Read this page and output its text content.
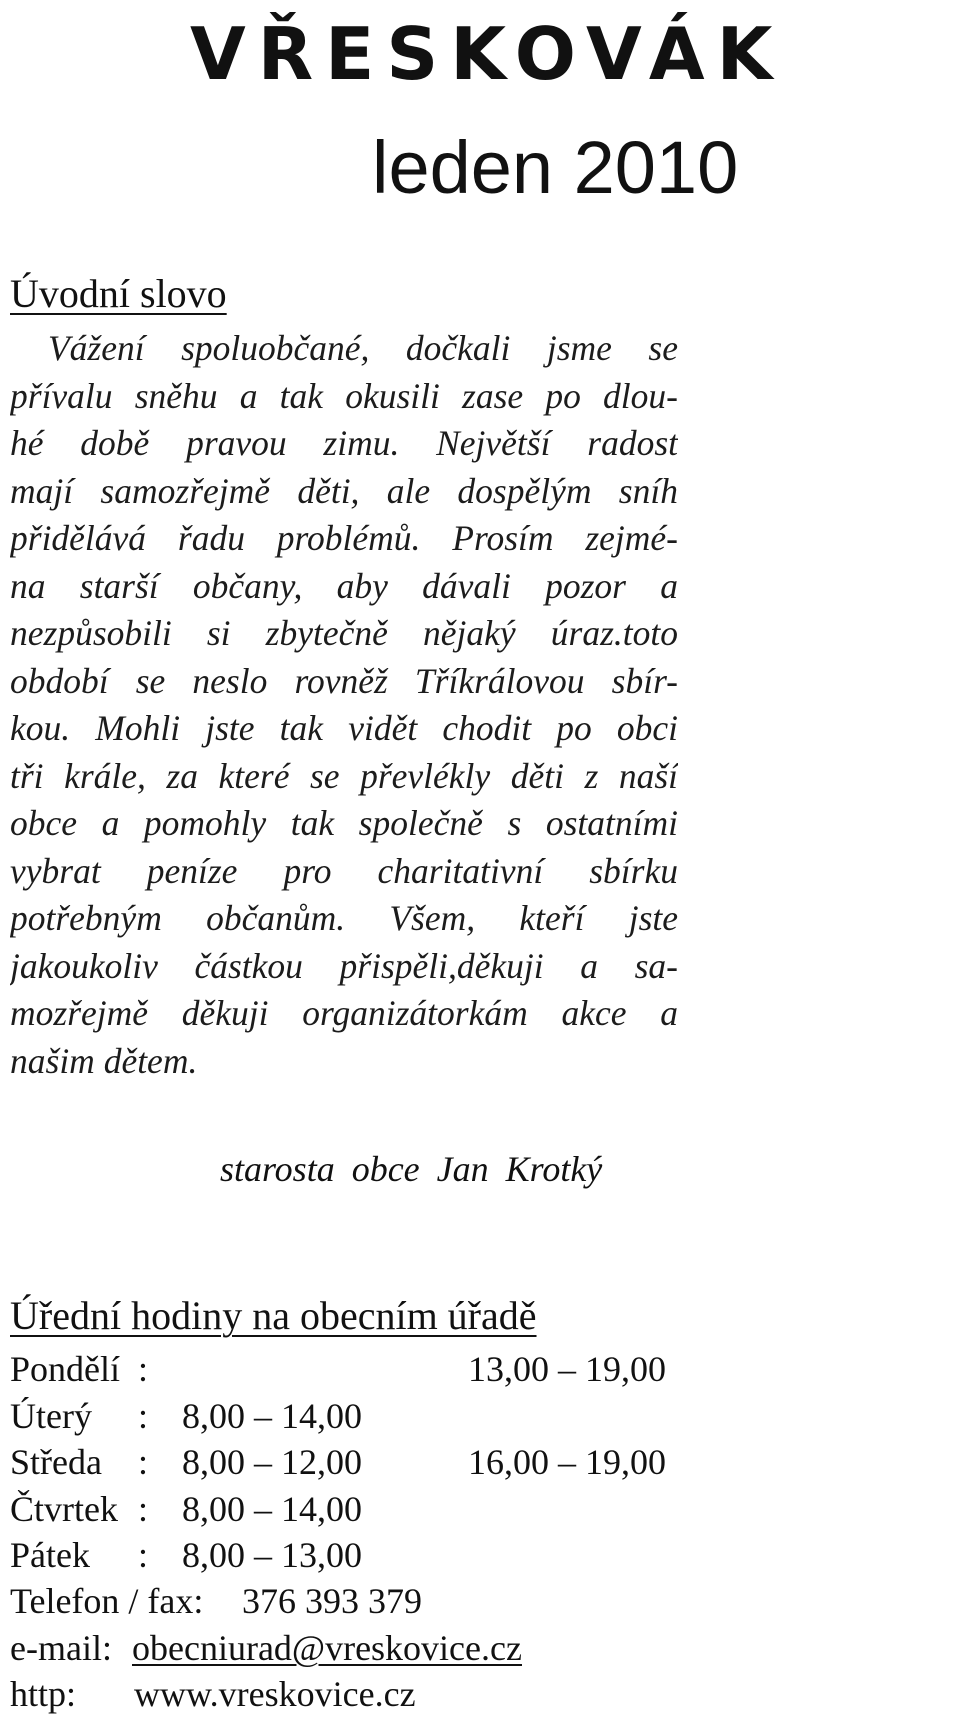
VŘESKOVÁK
leden 2010
Úvodní slovo
Vážení spoluobčané, dočkali jsme se
přívalu sněhu a tak okusili zase po dlou-
hé době pravou zimu. Největší radost
mají samozřejmě děti, ale dospělým sníh
přidělává řadu problémů. Prosím zejmé-
na starší občany, aby dávali pozor a
nezpůsobili si zbytečně nějaký úraz.toto
období se neslo rovněž Tříkrálovou sbír-
kou. Mohli jste tak vidět chodit po obci
tři krále, za které se převlékly děti z naší
obce a pomohly tak společně s ostatními
vybrat peníze pro charitativní sbírku
potřebným občanům. Všem, kteří jste
jakoukoliv částkou přispěli,děkuji a sa-
mozřejmě děkuji organizátorkám akce a
našim dětem.
starosta obce Jan Krotký
Úřední hodiny na obecním úřadě
Pondělí :	13,00 – 19,00
Úterý : 8,00 – 14,00
Středa : 8,00 – 12,00	16,00 – 19,00
Čtvrtek : 8,00 – 14,00
Pátek : 8,00 – 13,00
Telefon / fax: 376 393 379
e-mail: obecniurad@vreskovice.cz
http: www.vreskovice.cz
